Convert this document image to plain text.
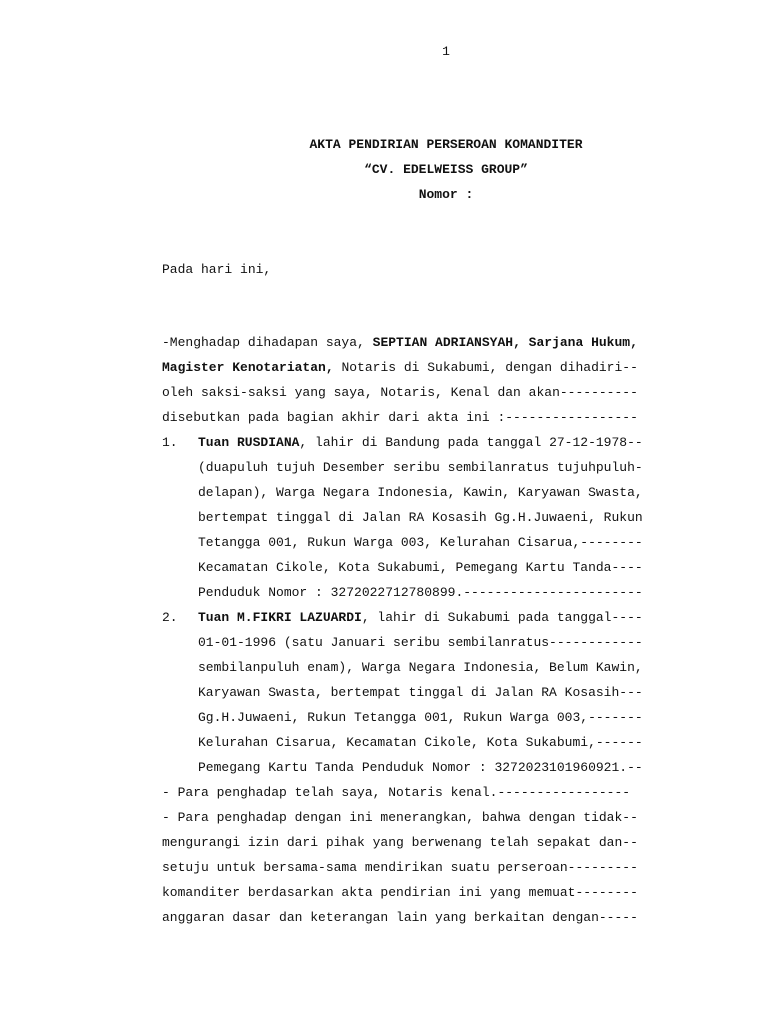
1
AKTA PENDIRIAN PERSEROAN KOMANDITER
“CV. EDELWEISS GROUP”
Nomor :
Pada hari ini,
-Menghadap dihadapan saya, SEPTIAN ADRIANSYAH, Sarjana Hukum,
Magister Kenotariatan, Notaris di Sukabumi, dengan dihadiri--
oleh saksi-saksi yang saya, Notaris, Kenal dan akan----------
disebutkan pada bagian akhir dari akta ini :-----------------
1. Tuan RUSDIANA, lahir di Bandung pada tanggal 27-12-1978--
(duapuluh tujuh Desember seribu sembilanratus tujuhpuluh-
delapan), Warga Negara Indonesia, Kawin, Karyawan Swasta,
bertempat tinggal di Jalan RA Kosasih Gg.H.Juwaeni, Rukun
Tetangga 001, Rukun Warga 003, Kelurahan Cisarua,--------
Kecamatan Cikole, Kota Sukabumi, Pemegang Kartu Tanda----
Penduduk Nomor : 3272022712780899.-----------------------
2. Tuan M.FIKRI LAZUARDI, lahir di Sukabumi pada tanggal----
01-01-1996 (satu Januari seribu sembilanratus------------
sembilanpuluh enam), Warga Negara Indonesia, Belum Kawin,
Karyawan Swasta, bertempat tinggal di Jalan RA Kosasih---
Gg.H.Juwaeni, Rukun Tetangga 001, Rukun Warga 003,-------
Kelurahan Cisarua, Kecamatan Cikole, Kota Sukabumi,------
Pemegang Kartu Tanda Penduduk Nomor : 3272023101960921.--
- Para penghadap telah saya, Notaris kenal.-----------------
- Para penghadap dengan ini menerangkan, bahwa dengan tidak--
mengurangi izin dari pihak yang berwenang telah sepakat dan--
setuju untuk bersama-sama mendirikan suatu perseroan---------
komanditer berdasarkan akta pendirian ini yang memuat--------
anggaran dasar dan keterangan lain yang berkaitan dengan-----
